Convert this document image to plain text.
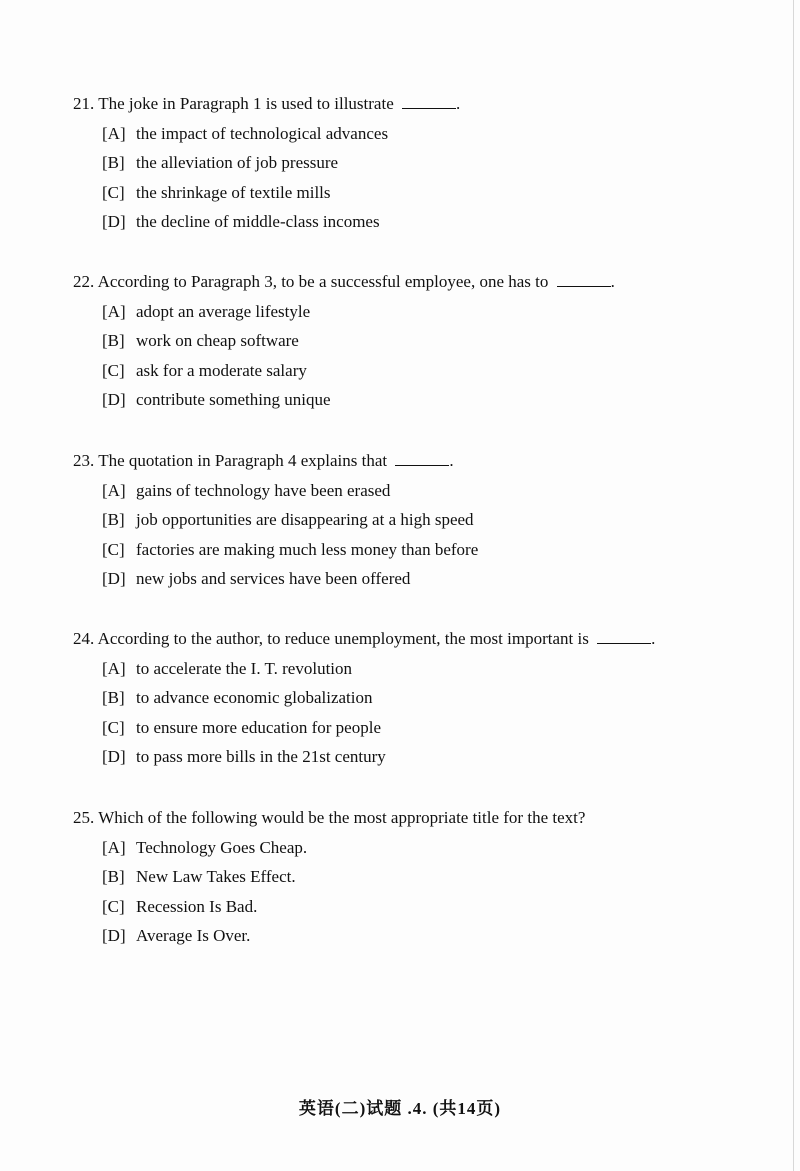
21. The joke in Paragraph 1 is used to illustrate	.
[A] the impact of technological advances
[B] the alleviation of job pressure
[C] the shrinkage of textile mills
[D] the decline of middle-class incomes
22. According to Paragraph 3, to be a successful employee, one has to	.
[A] adopt an average lifestyle
[B] work on cheap software
[C] ask for a moderate salary
[D] contribute something unique
23. The quotation in Paragraph 4 explains that	.
[A] gains of technology have been erased
[B] job opportunities are disappearing at a high speed
[C] factories are making much less money than before
[D] new jobs and services have been offered
24. According to the author, to reduce unemployment, the most important is	.
[A] to accelerate the I. T. revolution
[B] to advance economic globalization
[C] to ensure more education for people
[D] to pass more bills in the 21st century
25. Which of the following would be the most appropriate title for the text?
[A] Technology Goes Cheap.
[B] New Law Takes Effect.
[C] Recession Is Bad.
[D] Average Is Over.
英语(二)试题 .4. (共14页)
